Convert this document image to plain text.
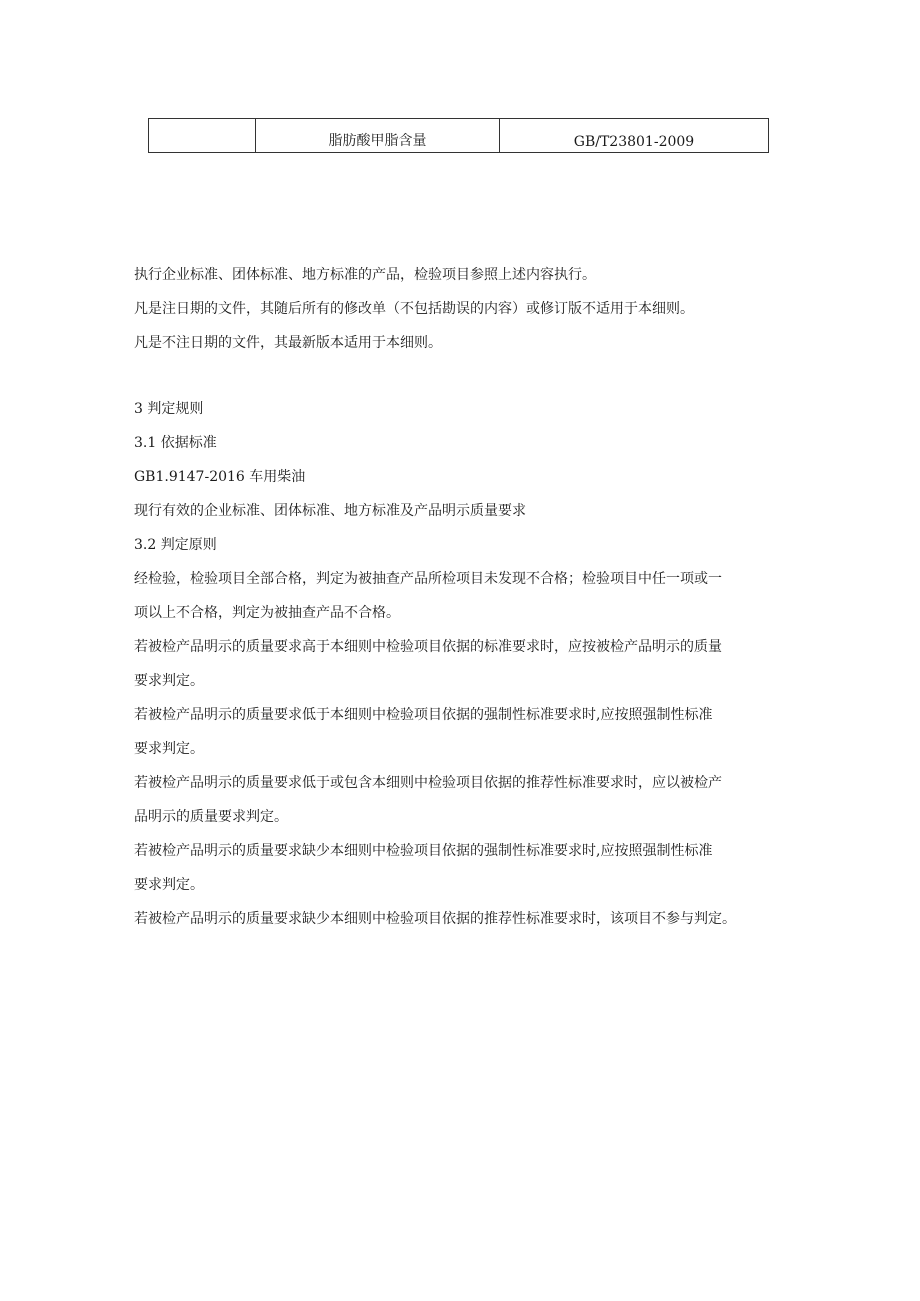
	脂肪酸甲脂含量	GB/T23801-2009
执行企业标准、团体标准、地方标准的产品，检验项目参照上述内容执行。
凡是注日期的文件，其随后所有的修改单（不包括勘误的内容）或修订版不适用于本细则。
凡是不注日期的文件，其最新版本适用于本细则。
3 判定规则
3.1 依据标准
GB1.9147-2016 车用柴油
现行有效的企业标准、团体标准、地方标准及产品明示质量要求
3.2 判定原则
经检验，检验项目全部合格，判定为被抽查产品所检项目未发现不合格；检验项目中任一项或一
项以上不合格，判定为被抽查产品不合格。
若被检产品明示的质量要求高于本细则中检验项目依据的标准要求时，应按被检产品明示的质量
要求判定。
若被检产品明示的质量要求低于本细则中检验项目依据的强制性标准要求时,应按照强制性标准
要求判定。
若被检产品明示的质量要求低于或包含本细则中检验项目依据的推荐性标准要求时，应以被检产
品明示的质量要求判定。
若被检产品明示的质量要求缺少本细则中检验项目依据的强制性标准要求时,应按照强制性标准
要求判定。
若被检产品明示的质量要求缺少本细则中检验项目依据的推荐性标准要求时，该项目不参与判定。
